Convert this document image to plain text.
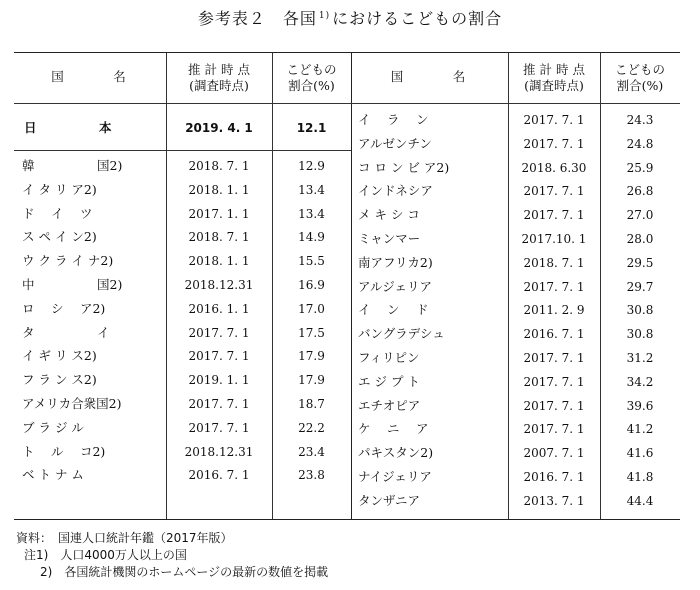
参考表２　各国 $^{1)}$ におけるこどもの割合
国　　　名	推 計 時 点
(調査時点)
こどもの
割合(%)
国　　　名	推 計 時 点
(調査時点)
こどもの
割合(%)
日　　　　　本	2019. 4. 1	12.1
韓　　　　　国2)	2018. 7. 1	12.9
イ タ リ ア2)	2018. 1. 1	13.4
ド　 イ　 ツ	2017. 1. 1	13.4
ス ペ イ ン2)	2018. 7. 1	14.9
ウ ク ラ イ ナ2)	2018. 1. 1	15.5
中　　　　　国2)	2018.12.31	16.9
ロ　 シ　 ア2)	2016. 1. 1	17.0
タ　　　　　イ	2017. 7. 1	17.5
イ ギ リ ス2)	2017. 7. 1	17.9
フ ラ ン ス2)	2019. 1. 1	17.9
アメリカ合衆国2)	2017. 7. 1	18.7
ブ ラ ジ ル	2017. 7. 1	22.2
ト　 ル　 コ2)	2018.12.31	23.4
ベ ト ナ ム	2016. 7. 1	23.8
イ　 ラ　 ン	2017. 7. 1	24.3
アルゼンチン	2017. 7. 1	24.8
コ ロ ン ビ ア2)	2018. 6.30	25.9
インドネシア	2017. 7. 1	26.8
メ キ シ コ	2017. 7. 1	27.0
ミャンマー	2017.10. 1	28.0
南アフリカ2)	2018. 7. 1	29.5
アルジェリア	2017. 7. 1	29.7
イ　 ン　 ド	2011. 2. 9	30.8
バングラデシュ	2016. 7. 1	30.8
フィリピン	2017. 7. 1	31.2
エ ジ プ ト	2017. 7. 1	34.2
エチオピア	2017. 7. 1	39.6
ケ　 ニ　 ア	2017. 7. 1	41.2
パキスタン2)	2007. 7. 1	41.6
ナイジェリア	2016. 7. 1	41.8
タンザニア	2013. 7. 1	44.4
資料：　国連人口統計年鑑（2017年版）
注1)　人口4000万人以上の国
2)　各国統計機関のホームページの最新の数値を掲載
